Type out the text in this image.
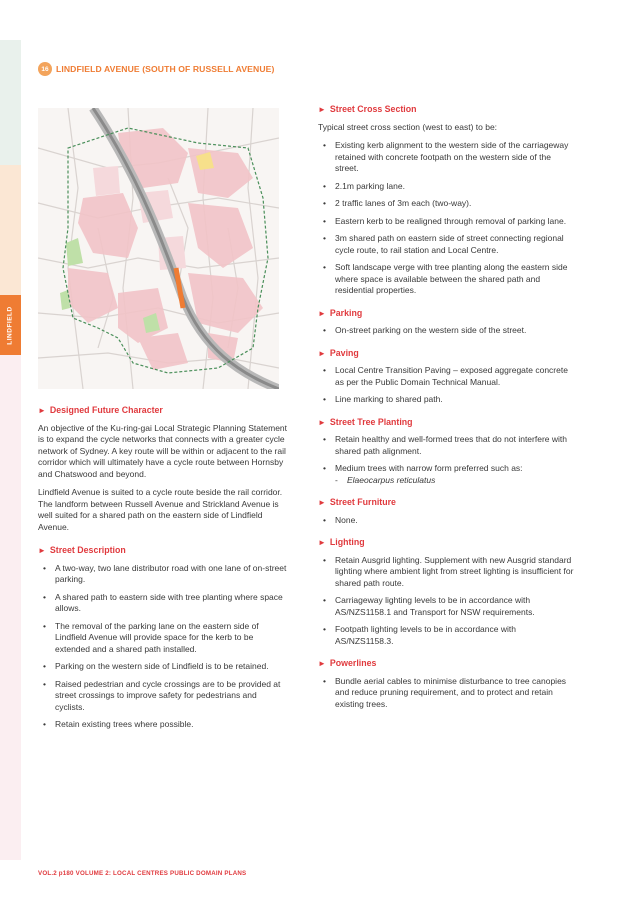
LINDFIELD
16 LINDFIELD AVENUE (SOUTH OF RUSSELL AVENUE)
► Designed Future Character

An objective of the Ku-ring-gai Local Strategic Planning Statement is to expand the cycle networks that connects with a greater cycle network of Sydney. A key route will be within or adjacent to the rail corridor which will ultimately have a cycle route between Hornsby and Chatswood and beyond.

Lindfield Avenue is suited to a cycle route beside the rail corridor. The landform between Russell Avenue and Strickland Avenue is well suited for a shared path on the eastern side of Lindfield Avenue.

► Street Description
• A two-way, two lane distributor road with one lane of on-street parking.
• A shared path to eastern side with tree planting where space allows.
• The removal of the parking lane on the eastern side of Lindfield Avenue will provide space for the kerb to be extended and a shared path installed.
• Parking on the western side of Lindfield is to be retained.
• Raised pedestrian and cycle crossings are to be provided at street crossings to improve safety for pedestrians and cyclists.
• Retain existing trees where possible.
► Street Cross Section

Typical street cross section (west to east) to be:

• Existing kerb alignment to the western side of the carriageway retained with concrete footpath on the western side of the street.
• 2.1m parking lane.
• 2 traffic lanes of 3m each (two-way).
• Eastern kerb to be realigned through removal of parking lane.
• 3m shared path on eastern side of street connecting regional cycle route, to rail station and Local Centre.
• Soft landscape verge with tree planting along the eastern side where space is available between the shared path and residential properties.
► Parking
• On-street parking on the western side of the street.
► Paving
• Local Centre Transition Paving – exposed aggregate concrete as per the Public Domain Technical Manual.
• Line marking to shared path.
► Street Tree Planting
• Retain healthy and well-formed trees that do not interfere with shared path alignment.
• Medium trees with narrow form preferred such as:
- Elaeocarpus reticulatus
► Street Furniture
• None.
► Lighting
• Retain Ausgrid lighting. Supplement with new Ausgrid standard lighting where ambient light from street lighting is insufficient for shared path route.
• Carriageway lighting levels to be in accordance with AS/NZS1158.1 and Transport for NSW requirements.
• Footpath lighting levels to be in accordance with AS/NZS1158.3.
► Powerlines
• Bundle aerial cables to minimise disturbance to tree canopies and reduce pruning requirement, and to protect and retain existing trees.
VOL.2 p180 VOLUME 2: LOCAL CENTRES PUBLIC DOMAIN PLANS
